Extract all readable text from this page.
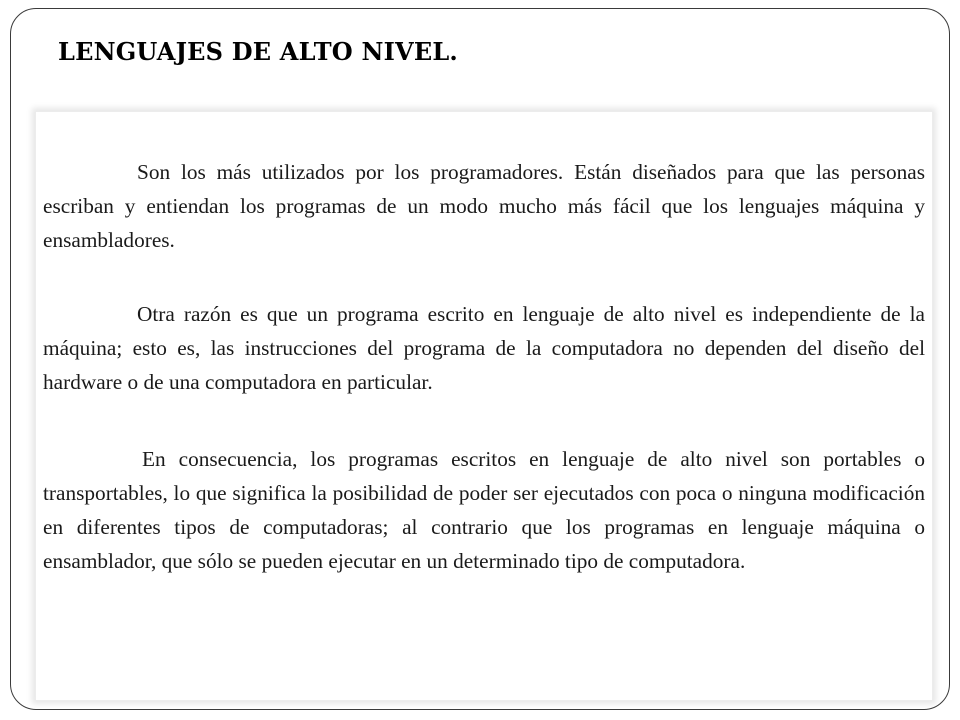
LENGUAJES DE ALTO NIVEL.

Son los más utilizados por los programadores. Están diseñados para que las personas escriban y entiendan los programas de un modo mucho más fácil que los lenguajes máquina y ensambladores.

Otra razón es que un programa escrito en lenguaje de alto nivel es independiente de la máquina; esto es, las instrucciones del programa de la computadora no dependen del diseño del hardware o de una computadora en particular.

En consecuencia, los programas escritos en lenguaje de alto nivel son portables o transportables, lo que significa la posibilidad de poder ser ejecutados con poca o ninguna modificación en diferentes tipos de computadoras; al contrario que los programas en lenguaje máquina o ensamblador, que sólo se pueden ejecutar en un determinado tipo de computadora.
